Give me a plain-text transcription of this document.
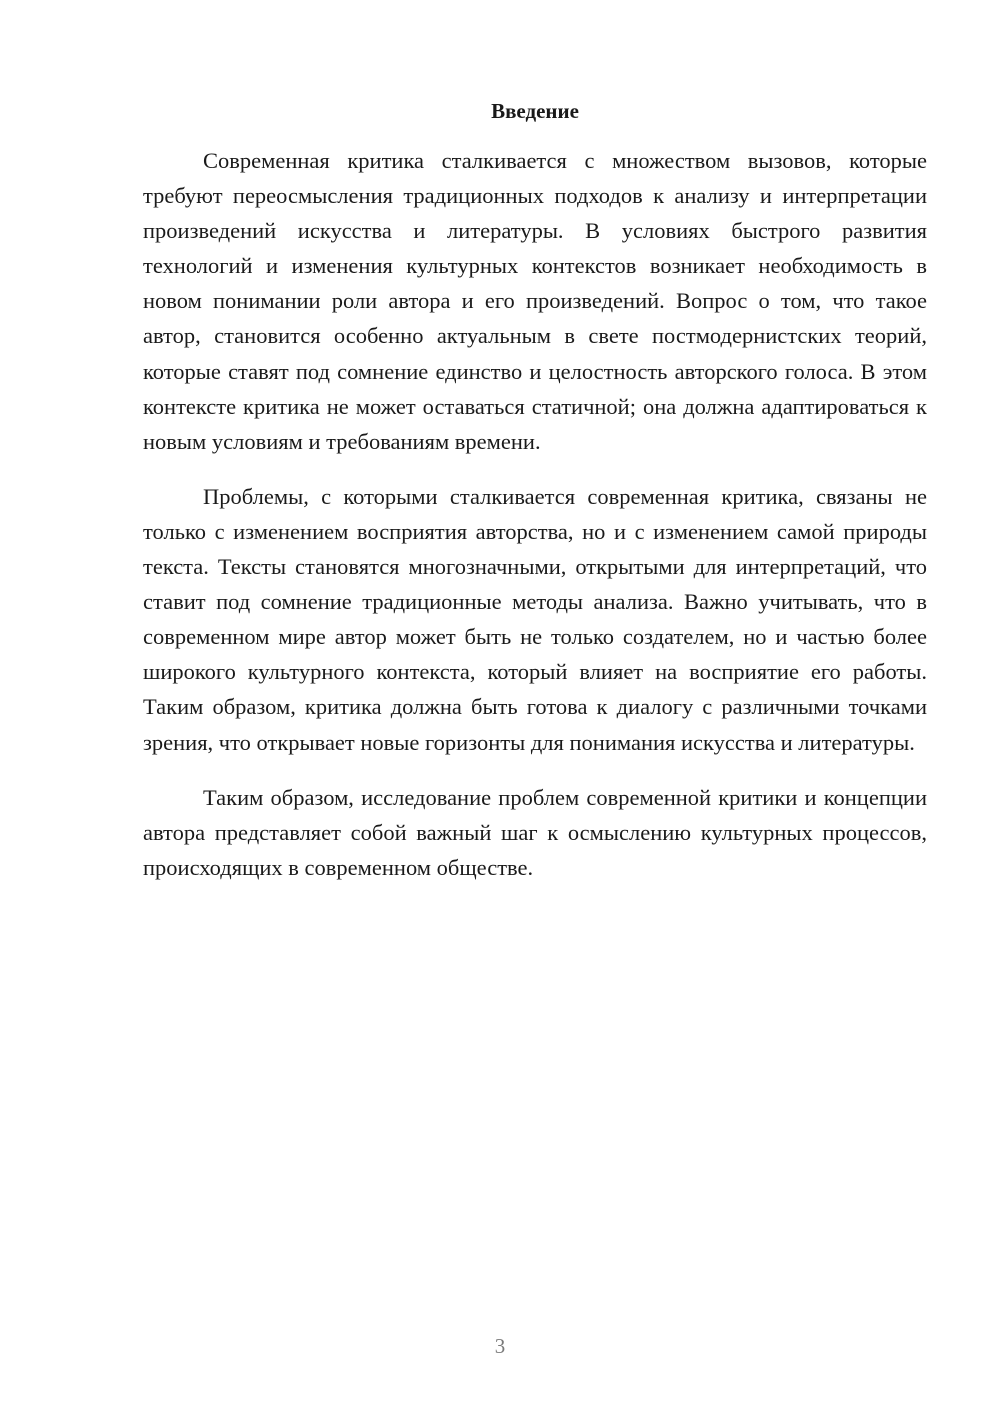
Введение

Современная критика сталкивается с множеством вызовов, которые требуют переосмысления традиционных подходов к анализу и интерпретации произведений искусства и литературы. В условиях быстрого развития технологий и изменения культурных контекстов возникает необходимость в новом понимании роли автора и его произведений. Вопрос о том, что такое автор, становится особенно актуальным в свете постмодернистских теорий, которые ставят под сомнение единство и целостность авторского голоса. В этом контексте критика не может оставаться статичной; она должна адаптироваться к новым условиям и требованиям времени.

Проблемы, с которыми сталкивается современная критика, связаны не только с изменением восприятия авторства, но и с изменением самой природы текста. Тексты становятся многозначными, открытыми для интерпретаций, что ставит под сомнение традиционные методы анализа. Важно учитывать, что в современном мире автор может быть не только создателем, но и частью более широкого культурного контекста, который влияет на восприятие его работы. Таким образом, критика должна быть готова к диалогу с различными точками зрения, что открывает новые горизонты для понимания искусства и литературы.

Таким образом, исследование проблем современной критики и концепции автора представляет собой важный шаг к осмыслению культурных процессов, происходящих в современном обществе.

3
